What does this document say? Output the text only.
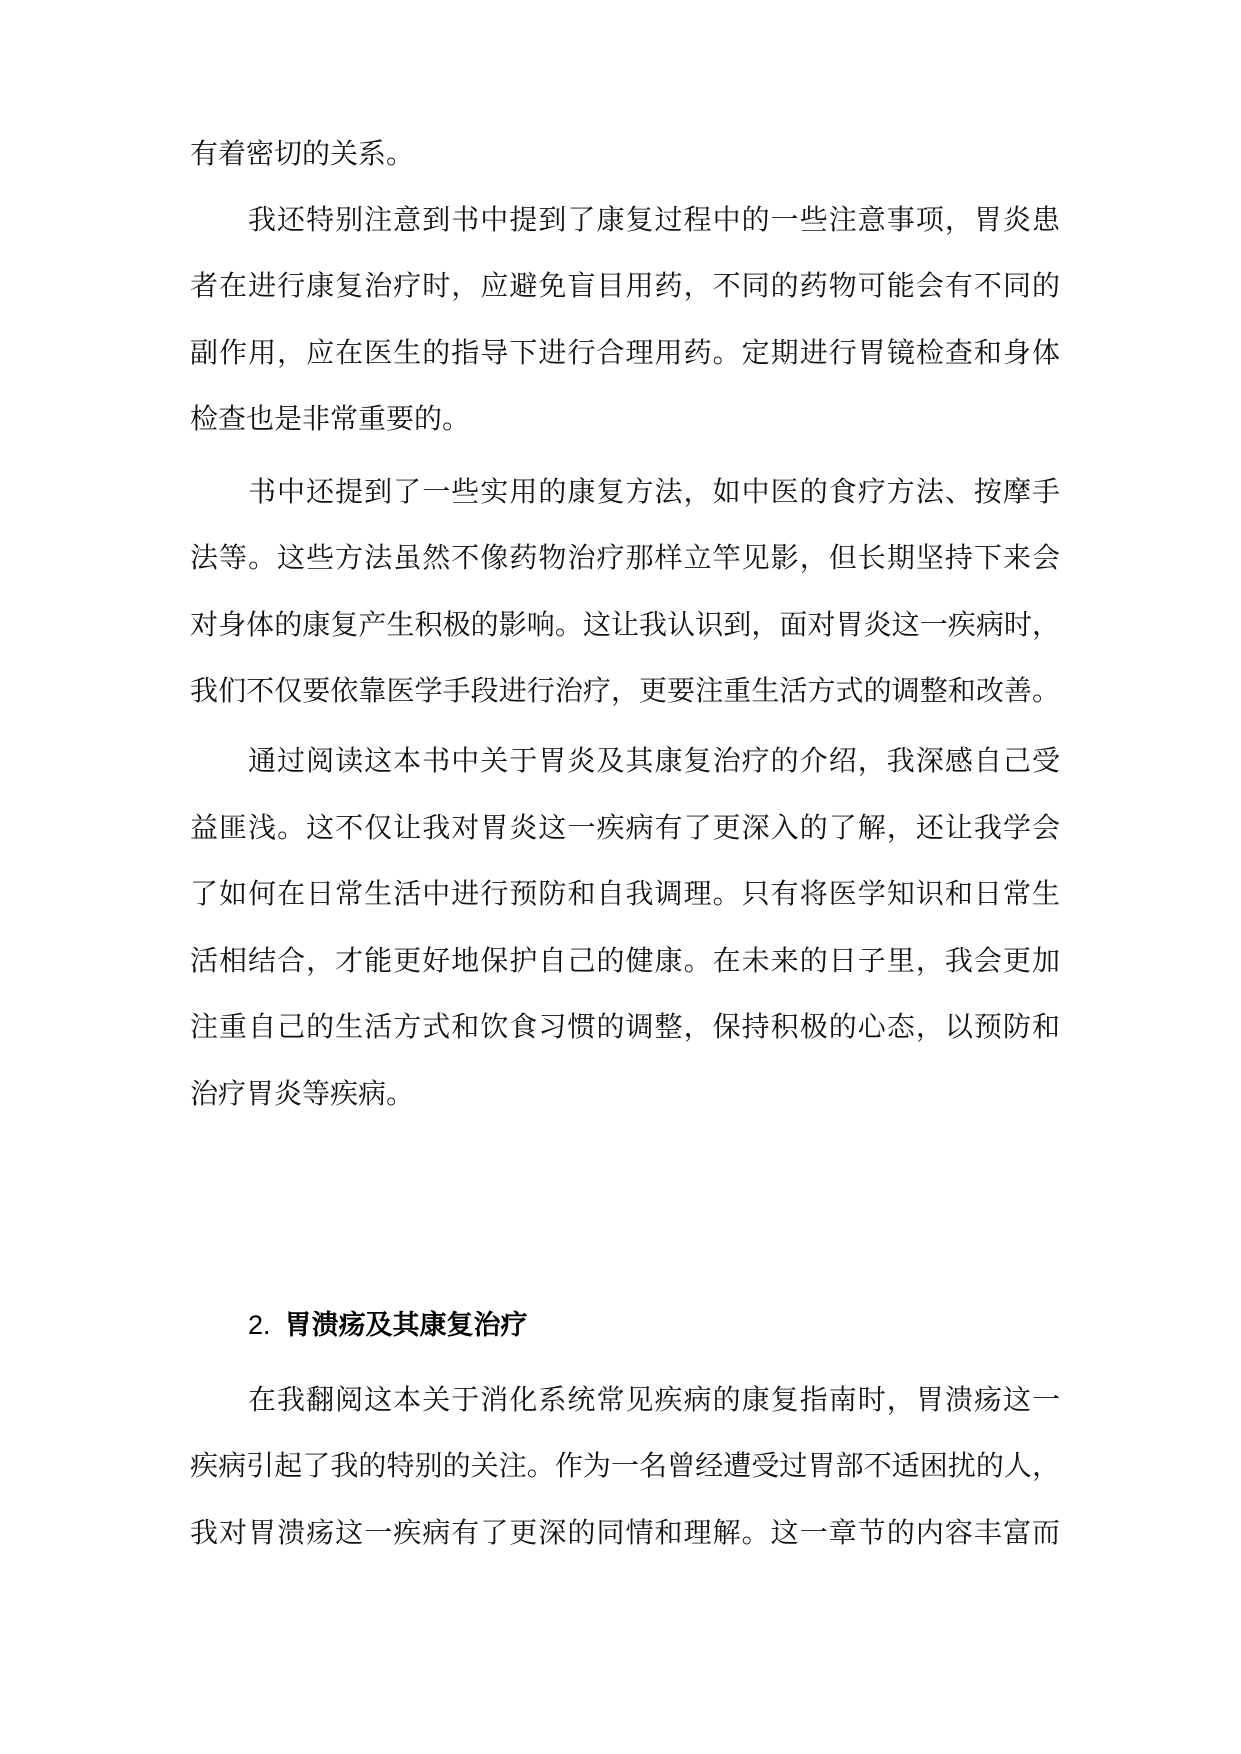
有着密切的关系。
我还特别注意到书中提到了康复过程中的一些注意事项，胃炎患
者在进行康复治疗时，应避免盲目用药，不同的药物可能会有不同的
副作用，应在医生的指导下进行合理用药。定期进行胃镜检查和身体
检查也是非常重要的。
书中还提到了一些实用的康复方法，如中医的食疗方法、按摩手
法等。这些方法虽然不像药物治疗那样立竿见影，但长期坚持下来会
对身体的康复产生积极的影响。这让我认识到，面对胃炎这一疾病时，
我们不仅要依靠医学手段进行治疗，更要注重生活方式的调整和改善。
通过阅读这本书中关于胃炎及其康复治疗的介绍，我深感自己受
益匪浅。这不仅让我对胃炎这一疾病有了更深入的了解，还让我学会
了如何在日常生活中进行预防和自我调理。只有将医学知识和日常生
活相结合，才能更好地保护自己的健康。在未来的日子里，我会更加
注重自己的生活方式和饮食习惯的调整，保持积极的心态，以预防和
治疗胃炎等疾病。
在我翻阅这本关于消化系统常见疾病的康复指南时，胃溃疡这一
疾病引起了我的特别的关注。作为一名曾经遭受过胃部不适困扰的人，
我对胃溃疡这一疾病有了更深的同情和理解。这一章节的内容丰富而
2. 胃溃疡及其康复治疗
